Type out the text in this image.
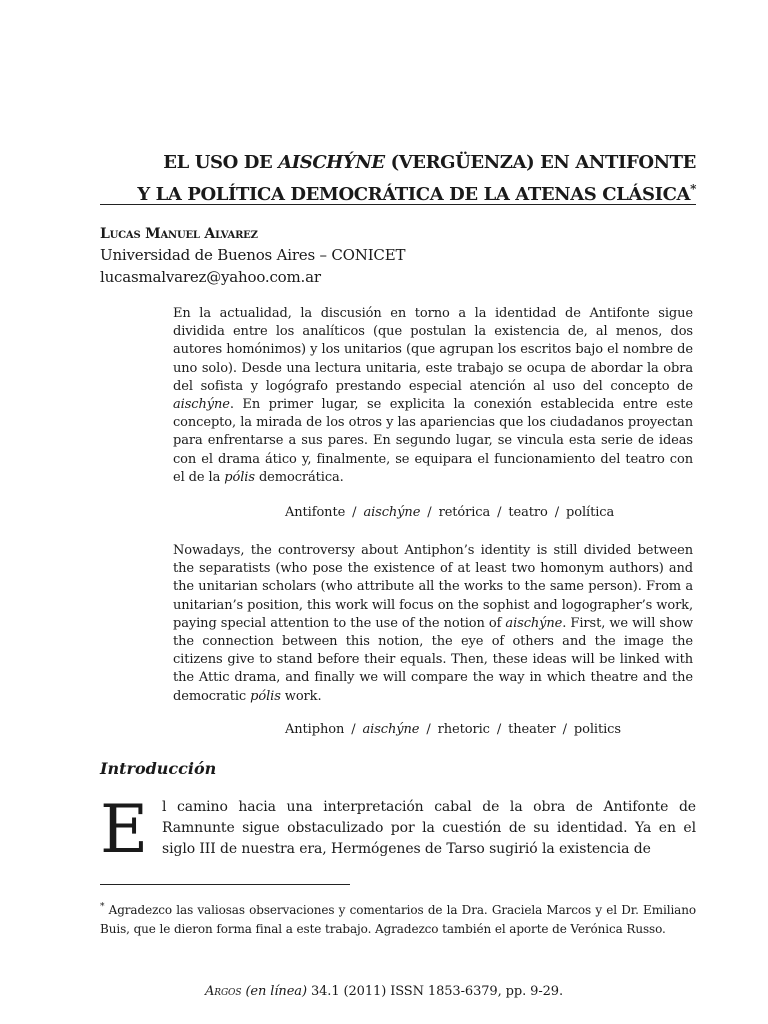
EL USO DE AISCHÝNE (VERGÜENZA) EN ANTIFONTE
Y LA POLÍTICA DEMOCRÁTICA DE LA ATENAS CLÁSICA*
Lucas Manuel Alvarez
Universidad de Buenos Aires – CONICET
lucasmalvarez@yahoo.com.ar

En la actualidad, la discusión en torno a la identidad de Antifonte sigue dividida entre los analíticos (que postulan la existencia de, al menos, dos autores homónimos) y los unitarios (que agrupan los escritos bajo el nombre de uno solo). Desde una lectura unitaria, este trabajo se ocupa de abordar la obra del sofista y logógrafo prestando especial atención al uso del concepto de aischýne. En primer lugar, se explicita la conexión establecida entre este concepto, la mirada de los otros y las apariencias que los ciudadanos proyectan para enfrentarse a sus pares. En segundo lugar, se vincula esta serie de ideas con el drama ático y, finalmente, se equipara el funcionamiento del teatro con el de la pólis democrática.

Antifonte / aischýne / retórica / teatro / política

Nowadays, the controversy about Antiphon’s identity is still divided between the separatists (who pose the existence of at least two homonym authors) and the unitarian scholars (who attribute all the works to the same person). From a unitarian’s position, this work will focus on the sophist and logographer’s work, paying special attention to the use of the notion of aischýne. First, we will show the connection between this notion, the eye of others and the image the citizens give to stand before their equals. Then, these ideas will be linked with the Attic drama, and finally we will compare the way in which theatre and the democratic pólis work.

Antiphon / aischýne / rhetoric / theater / politics
Introducción
E l camino hacia una interpretación cabal de la obra de Antifonte de Ramnunte sigue obstaculizado por la cuestión de su identidad. Ya en el siglo III de nuestra era, Hermógenes de Tarso sugirió la existencia de
* Agradezco las valiosas observaciones y comentarios de la Dra. Graciela Marcos y el Dr. Emiliano Buis, que le dieron forma final a este trabajo. Agradezco también el aporte de Verónica Russo.
Argos (en línea) 34.1 (2011) ISSN 1853-6379, pp. 9-29.
